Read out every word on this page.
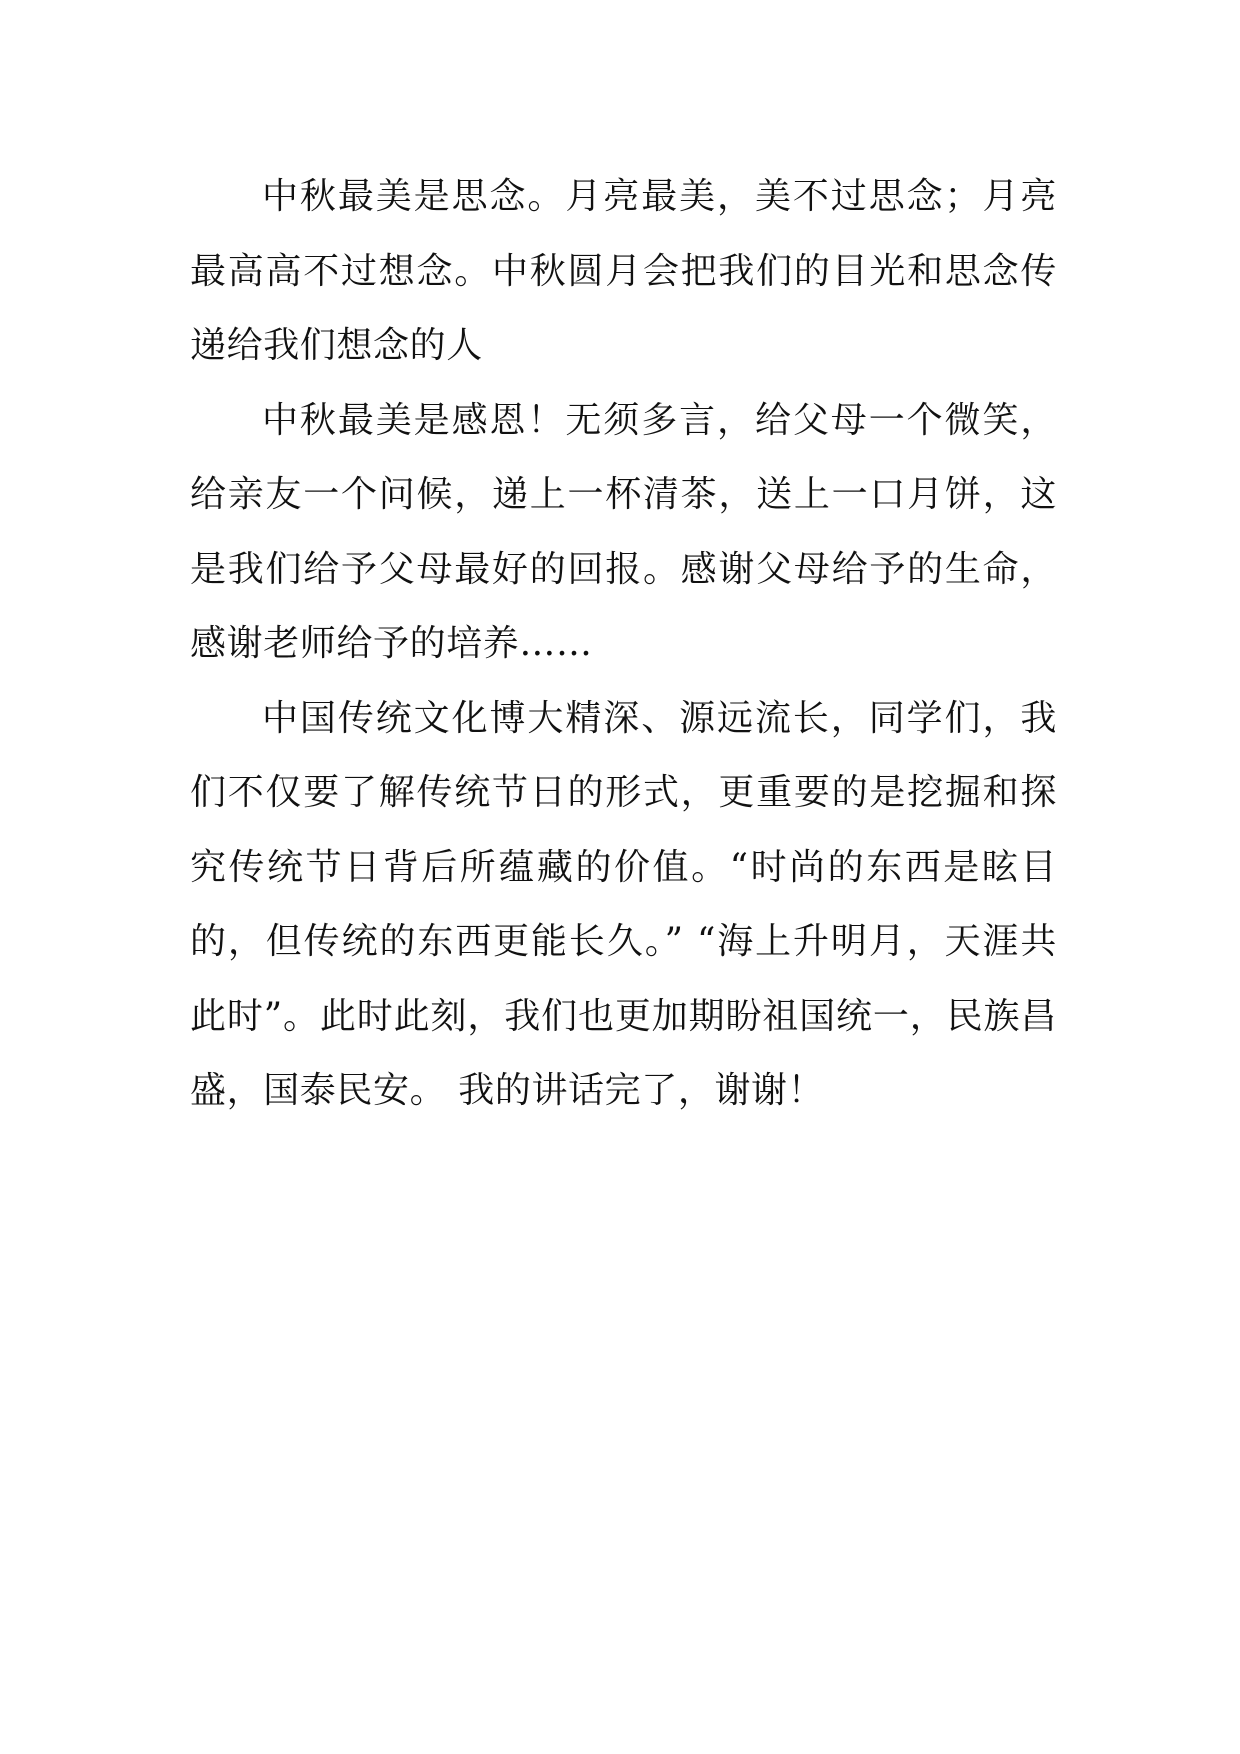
中秋最美是思念。月亮最美，美不过思念；月亮最高高不过想念。中秋圆月会把我们的目光和思念传递给我们想念的人

中秋最美是感恩！无须多言，给父母一个微笑，给亲友一个问候，递上一杯清茶，送上一口月饼，这是我们给予父母最好的回报。感谢父母给予的生命，感谢老师给予的培养……

中国传统文化博大精深、源远流长，同学们，我们不仅要了解传统节日的形式，更重要的是挖掘和探究传统节日背后所蕴藏的价值。“时尚的东西是眩目的，但传统的东西更能长久。” “海上升明月，天涯共此时”。此时此刻，我们也更加期盼祖国统一，民族昌盛，国泰民安。 我的讲话完了，谢谢！
